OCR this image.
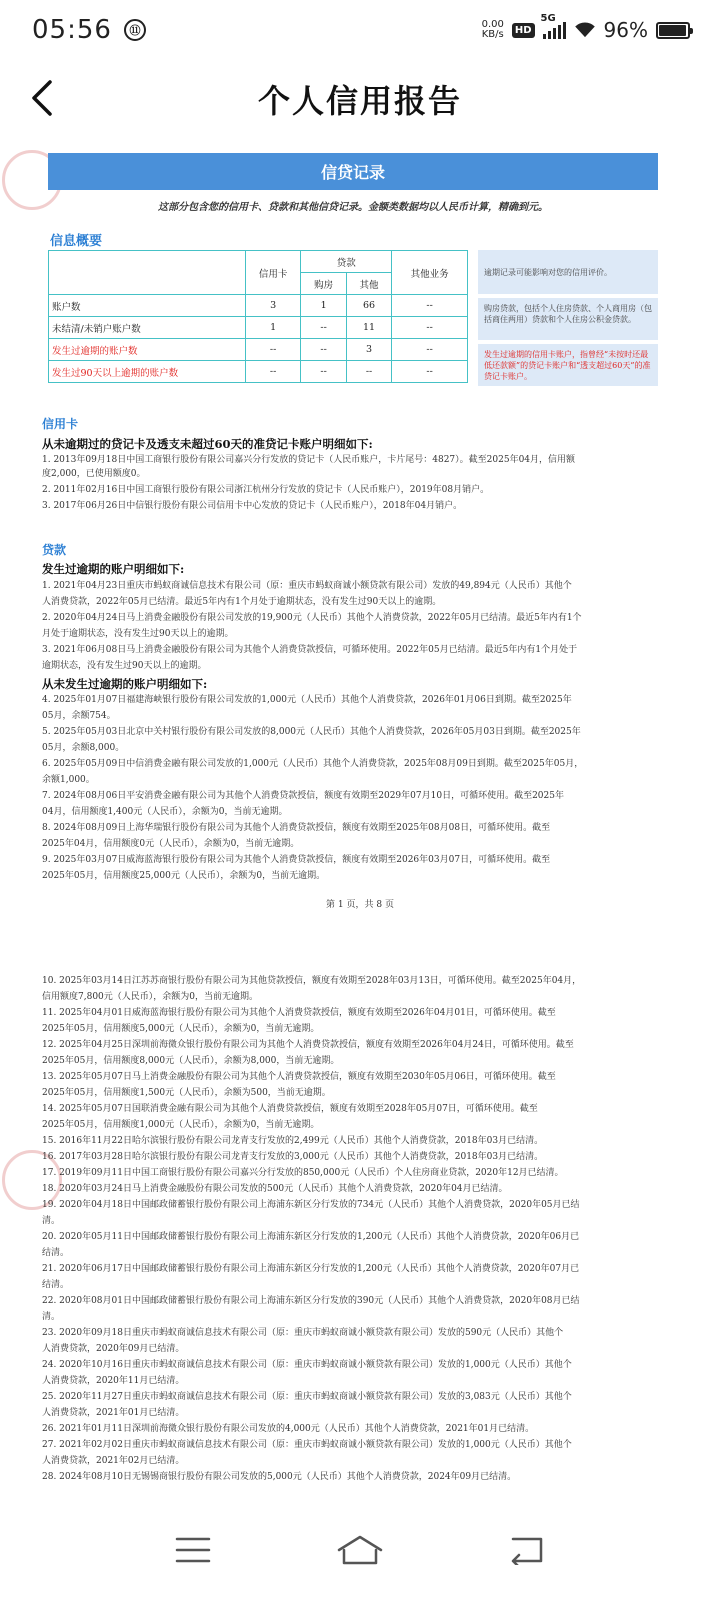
05:56	⑪	0.00
KB/s	HD
5G 96%
个人信用报告
信贷记录
这部分包含您的信用卡、贷款和其他信贷记录。金额类数据均以人民币计算，精确到元。
信息概要
	信用卡	贷款		其他业务
		购房	其他	
账户数	3	1	66	--
未结清/未销户账户数	1	--	11	--
发生过逾期的账户数	--	--	3	--
发生过90天以上逾期的账户数	--	--	--	--
逾期记录可能影响对您的信用评价。
购房贷款，包括个人住房贷款、个人商用房（包括商住两用）贷款和个人住房公积金贷款。
发生过逾期的信用卡账户，指曾经“未按时还最低还款额”的贷记卡账户和“透支超过60天”的准贷记卡账户。
信用卡
从未逾期过的贷记卡及透支未超过60天的准贷记卡账户明细如下:
1. 2013年09月18日中国工商银行股份有限公司嘉兴分行发放的贷记卡（人民币账户，卡片尾号：4827）。截至2025年04月，信用额
度2,000，已使用额度0。
2. 2011年02月16日中国工商银行股份有限公司浙江杭州分行发放的贷记卡（人民币账户），2019年08月销户。
3. 2017年06月26日中信银行股份有限公司信用卡中心发放的贷记卡（人民币账户），2018年04月销户。
贷款
发生过逾期的账户明细如下:
1. 2021年04月23日重庆市蚂蚁商诚信息技术有限公司（原：重庆市蚂蚁商诚小额贷款有限公司）发放的49,894元（人民币）其他个
人消费贷款，2022年05月已结清。最近5年内有1个月处于逾期状态，没有发生过90天以上的逾期。
2. 2020年04月24日马上消费金融股份有限公司发放的19,900元（人民币）其他个人消费贷款，2022年05月已结清。最近5年内有1个
月处于逾期状态，没有发生过90天以上的逾期。
3. 2021年06月08日马上消费金融股份有限公司为其他个人消费贷款授信，可循环使用。2022年05月已结清。最近5年内有1个月处于
逾期状态，没有发生过90天以上的逾期。
从未发生过逾期的账户明细如下:
4. 2025年01月07日福建海峡银行股份有限公司发放的1,000元（人民币）其他个人消费贷款，2026年01月06日到期。截至2025年
05月，余额754。
5. 2025年05月03日北京中关村银行股份有限公司发放的8,000元（人民币）其他个人消费贷款，2026年05月03日到期。截至2025年
05月，余额8,000。
6. 2025年05月09日中信消费金融有限公司发放的1,000元（人民币）其他个人消费贷款，2025年08月09日到期。截至2025年05月，
余额1,000。
7. 2024年08月06日平安消费金融有限公司为其他个人消费贷款授信，额度有效期至2029年07月10日，可循环使用。截至2025年
04月，信用额度1,400元（人民币），余额为0，当前无逾期。
8. 2024年08月09日上海华瑞银行股份有限公司为其他个人消费贷款授信，额度有效期至2025年08月08日，可循环使用。截至
2025年04月，信用额度0元（人民币），余额为0，当前无逾期。
9. 2025年03月07日威海蓝海银行股份有限公司为其他个人消费贷款授信，额度有效期至2026年03月07日，可循环使用。截至
2025年05月，信用额度25,000元（人民币），余额为0，当前无逾期。
第 1 页，共 8 页
10. 2025年03月14日江苏苏商银行股份有限公司为其他贷款授信，额度有效期至2028年03月13日，可循环使用。截至2025年04月，
信用额度7,800元（人民币），余额为0，当前无逾期。
11. 2025年04月01日威海蓝海银行股份有限公司为其他个人消费贷款授信，额度有效期至2026年04月01日，可循环使用。截至
2025年05月，信用额度5,000元（人民币），余额为0，当前无逾期。
12. 2025年04月25日深圳前海微众银行股份有限公司为其他个人消费贷款授信，额度有效期至2026年04月24日，可循环使用。截至
2025年05月，信用额度8,000元（人民币），余额为8,000，当前无逾期。
13. 2025年05月07日马上消费金融股份有限公司为其他个人消费贷款授信，额度有效期至2030年05月06日，可循环使用。截至
2025年05月，信用额度1,500元（人民币），余额为500，当前无逾期。
14. 2025年05月07日国联消费金融有限公司为其他个人消费贷款授信，额度有效期至2028年05月07日，可循环使用。截至
2025年05月，信用额度1,000元（人民币），余额为0，当前无逾期。
15. 2016年11月22日哈尔滨银行股份有限公司龙青支行发放的2,499元（人民币）其他个人消费贷款，2018年03月已结清。
16. 2017年03月28日哈尔滨银行股份有限公司龙青支行发放的3,000元（人民币）其他个人消费贷款，2018年03月已结清。
17. 2019年09月11日中国工商银行股份有限公司嘉兴分行发放的850,000元（人民币）个人住房商业贷款，2020年12月已结清。
18. 2020年03月24日马上消费金融股份有限公司发放的500元（人民币）其他个人消费贷款，2020年04月已结清。
19. 2020年04月18日中国邮政储蓄银行股份有限公司上海浦东新区分行发放的734元（人民币）其他个人消费贷款，2020年05月已结
清。
20. 2020年05月11日中国邮政储蓄银行股份有限公司上海浦东新区分行发放的1,200元（人民币）其他个人消费贷款，2020年06月已
结清。
21. 2020年06月17日中国邮政储蓄银行股份有限公司上海浦东新区分行发放的1,200元（人民币）其他个人消费贷款，2020年07月已
结清。
22. 2020年08月01日中国邮政储蓄银行股份有限公司上海浦东新区分行发放的390元（人民币）其他个人消费贷款，2020年08月已结
清。
23. 2020年09月18日重庆市蚂蚁商诚信息技术有限公司（原：重庆市蚂蚁商诚小额贷款有限公司）发放的590元（人民币）其他个
人消费贷款，2020年09月已结清。
24. 2020年10月16日重庆市蚂蚁商诚信息技术有限公司（原：重庆市蚂蚁商诚小额贷款有限公司）发放的1,000元（人民币）其他个
人消费贷款，2020年11月已结清。
25. 2020年11月27日重庆市蚂蚁商诚信息技术有限公司（原：重庆市蚂蚁商诚小额贷款有限公司）发放的3,083元（人民币）其他个
人消费贷款，2021年01月已结清。
26. 2021年01月11日深圳前海微众银行股份有限公司发放的4,000元（人民币）其他个人消费贷款，2021年01月已结清。
27. 2021年02月02日重庆市蚂蚁商诚信息技术有限公司（原：重庆市蚂蚁商诚小额贷款有限公司）发放的1,000元（人民币）其他个
人消费贷款，2021年02月已结清。
28. 2024年08月10日无锡锡商银行股份有限公司发放的5,000元（人民币）其他个人消费贷款，2024年09月已结清。
